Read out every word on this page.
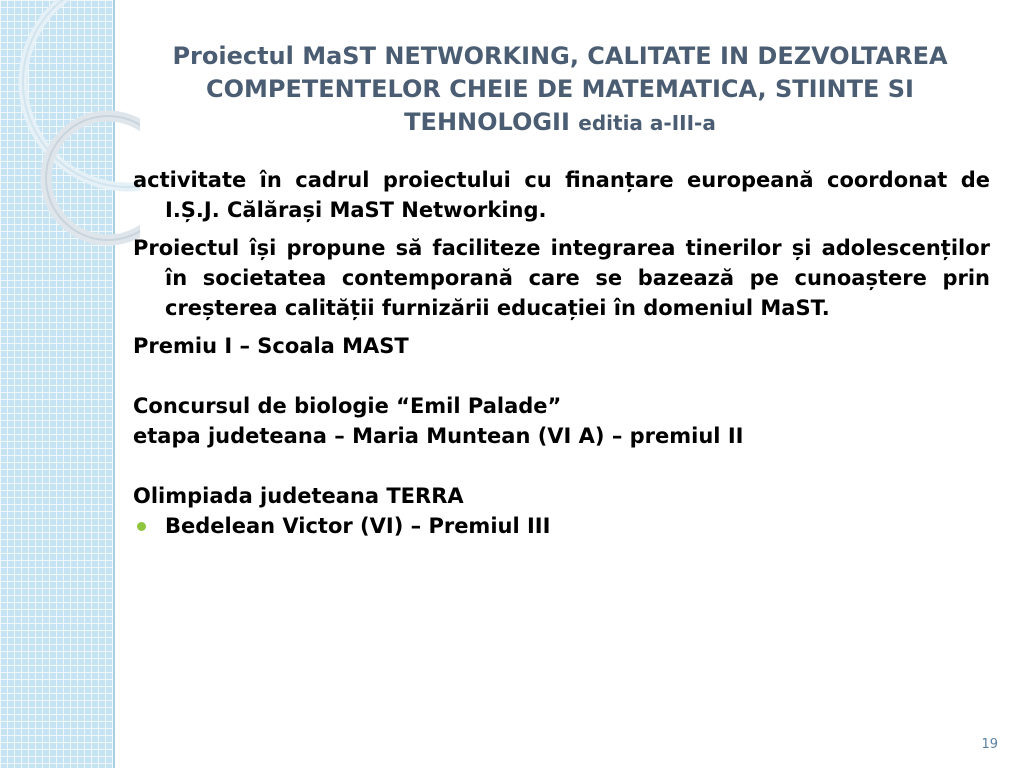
Proiectul MaST NETWORKING, CALITATE IN DEZVOLTAREA COMPETENTELOR CHEIE DE MATEMATICA, STIINTE SI TEHNOLOGII editia a-III-a

activitate în cadrul proiectului cu finanțare europeană coordonat de I.Ș.J. Călărași MaST Networking.

Proiectul își propune să faciliteze integrarea tinerilor și adolescenților în societatea contemporană care se bazează pe cunoaștere prin creșterea calității furnizării educației în domeniul MaST.

Premiu I – Scoala MAST

Concursul de biologie “Emil Palade”

etapa judeteana – Maria Muntean (VI A) – premiul II

Olimpiada judeteana TERRA

Bedelean Victor (VI) – Premiul III
19
